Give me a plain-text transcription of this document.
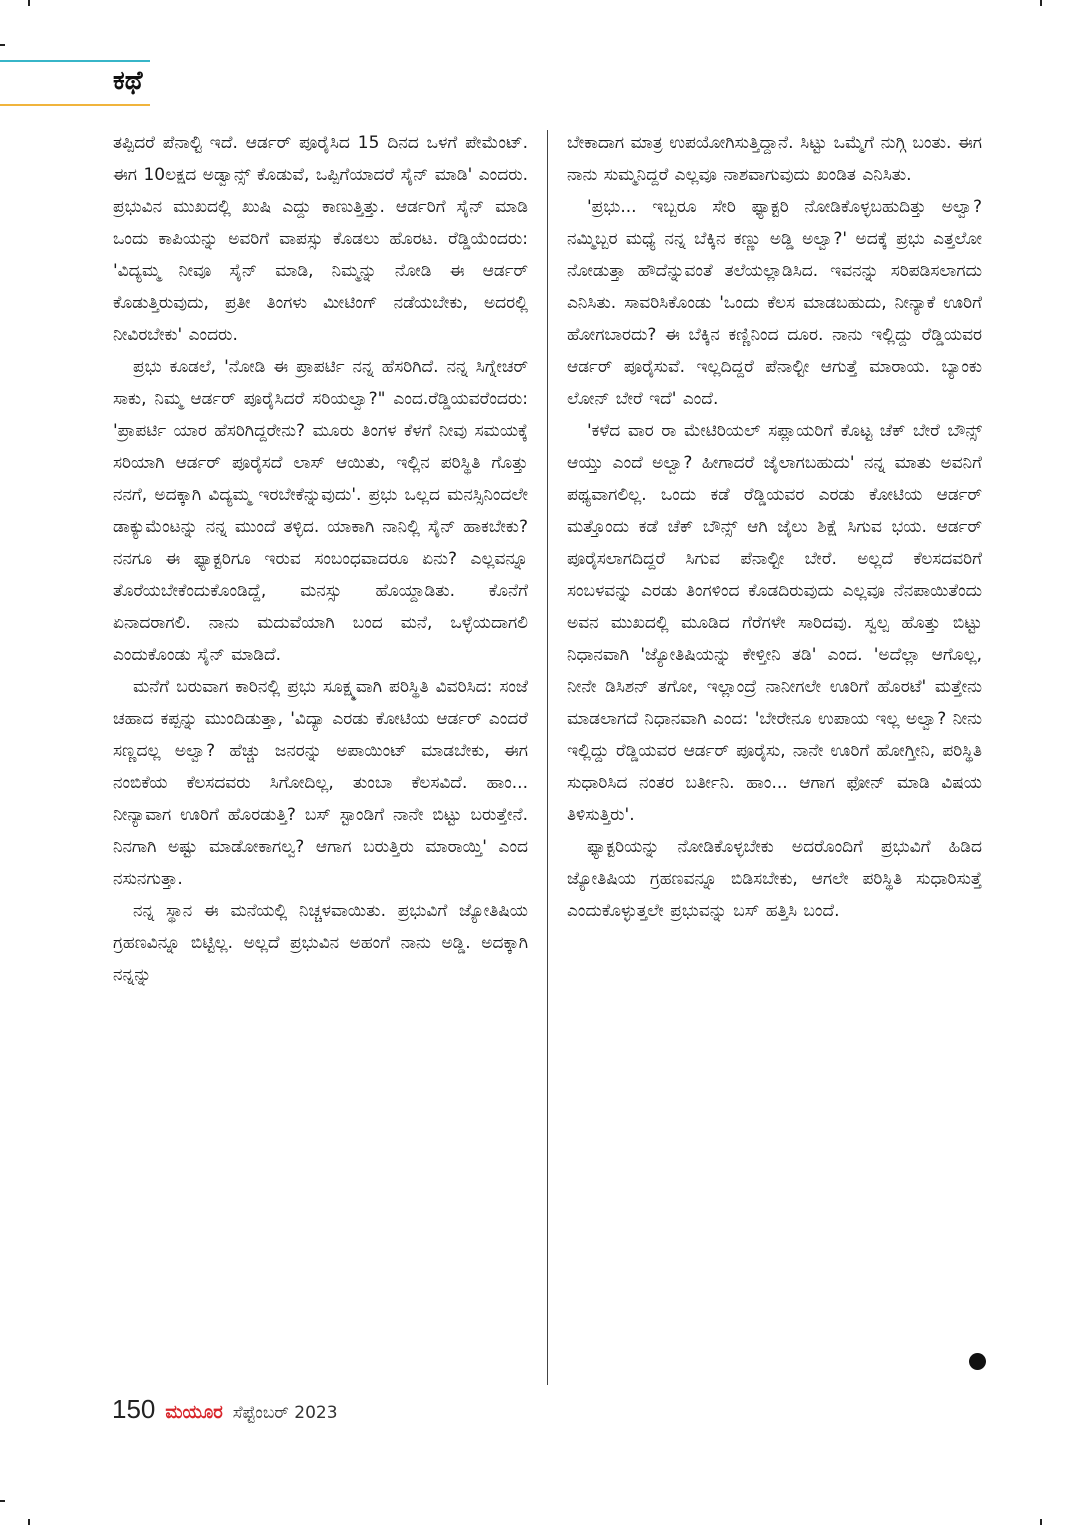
ಕಥೆ

ತಪ್ಪಿದರೆ ಪೆನಾಲ್ಟಿ ಇದೆ. ಆರ್ಡರ್ ಪೂರೈಸಿದ 15 ದಿನದ ಒಳಗೆ ಪೇಮೆಂಟ್. ಈಗ 10ಲಕ್ಷದ ಅಡ್ವಾನ್ಸ್ ಕೊಡುವೆ, ಒಪ್ಪಿಗೆಯಾದರೆ ಸೈನ್ ಮಾಡಿ' ಎಂದರು. ಪ್ರಭುವಿನ ಮುಖದಲ್ಲಿ ಖುಷಿ ಎದ್ದು ಕಾಣುತ್ತಿತ್ತು. ಆರ್ಡರಿಗೆ ಸೈನ್ ಮಾಡಿ ಒಂದು ಕಾಪಿಯನ್ನು ಅವರಿಗೆ ವಾಪಸ್ಸು ಕೊಡಲು ಹೊರಟ. ರೆಡ್ಡಿಯೆಂದರು: 'ವಿದ್ಯಮ್ಮ ನೀವೂ ಸೈನ್ ಮಾಡಿ, ನಿಮ್ಮನ್ನು ನೋಡಿ ಈ ಆರ್ಡರ್ ಕೊಡುತ್ತಿರುವುದು, ಪ್ರತೀ ತಿಂಗಳು ಮೀಟಿಂಗ್ ನಡೆಯಬೇಕು, ಅದರಲ್ಲಿ ನೀವಿರಬೇಕು' ಎಂದರು.

ಪ್ರಭು ಕೂಡಲೆ, 'ನೋಡಿ ಈ ಪ್ರಾಪರ್ಟಿ ನನ್ನ ಹೆಸರಿಗಿದೆ. ನನ್ನ ಸಿಗ್ನೇಚರ್ ಸಾಕು, ನಿಮ್ಮ ಆರ್ಡರ್ ಪೂರೈಸಿದರೆ ಸರಿಯಲ್ವಾ?" ಎಂದ.ರೆಡ್ಡಿಯವರೆಂದರು: 'ಪ್ರಾಪರ್ಟಿ ಯಾರ ಹೆಸರಿಗಿದ್ದರೇನು? ಮೂರು ತಿಂಗಳ ಕೆಳಗೆ ನೀವು ಸಮಯಕ್ಕೆ ಸರಿಯಾಗಿ ಆರ್ಡರ್ ಪೂರೈಸದೆ ಲಾಸ್ ಆಯಿತು, ಇಲ್ಲಿನ ಪರಿಸ್ಥಿತಿ ಗೊತ್ತು ನನಗೆ, ಅದಕ್ಕಾಗಿ ವಿದ್ಯಮ್ಮ ಇರಬೇಕೆನ್ನುವುದು'. ಪ್ರಭು ಒಲ್ಲದ ಮನಸ್ಸಿನಿಂದಲೇ ಡಾಕ್ಯುಮೆಂಟನ್ನು ನನ್ನ ಮುಂದೆ ತಳ್ಳಿದ. ಯಾಕಾಗಿ ನಾನಿಲ್ಲಿ ಸೈನ್ ಹಾಕಬೇಕು? ನನಗೂ ಈ ಫ್ಯಾಕ್ಟರಿಗೂ ಇರುವ ಸಂಬಂಧವಾದರೂ ಏನು? ಎಲ್ಲವನ್ನೂ ತೊರೆಯಬೇಕೆಂದುಕೊಂಡಿದ್ದೆ, ಮನಸ್ಸು ಹೊಯ್ದಾಡಿತು. ಕೊನೆಗೆ ಏನಾದರಾಗಲಿ. ನಾನು ಮದುವೆಯಾಗಿ ಬಂದ ಮನೆ, ಒಳ್ಳೆಯದಾಗಲಿ ಎಂದುಕೊಂಡು ಸೈನ್ ಮಾಡಿದೆ.

ಮನೆಗೆ ಬರುವಾಗ ಕಾರಿನಲ್ಲಿ ಪ್ರಭು ಸೂಕ್ಷ್ಮವಾಗಿ ಪರಿಸ್ಥಿತಿ ವಿವರಿಸಿದ: ಸಂಜೆ ಚಹಾದ ಕಪ್ಪನ್ನು ಮುಂದಿಡುತ್ತಾ, 'ವಿದ್ಯಾ ಎರಡು ಕೋಟಿಯ ಆರ್ಡರ್ ಎಂದರೆ ಸಣ್ಣದಲ್ಲ ಅಲ್ವಾ? ಹೆಚ್ಚು ಜನರನ್ನು ಅಪಾಯಿಂಟ್ ಮಾಡಬೇಕು, ಈಗ ನಂಬಿಕೆಯ ಕೆಲಸದವರು ಸಿಗೋದಿಲ್ಲ, ತುಂಬಾ ಕೆಲಸವಿದೆ. ಹಾಂ... ನೀನ್ಯಾವಾಗ ಊರಿಗೆ ಹೊರಡುತ್ತಿ? ಬಸ್ ಸ್ಟಾಂಡಿಗೆ ನಾನೇ ಬಿಟ್ಟು ಬರುತ್ತೇನೆ. ನಿನಗಾಗಿ ಅಷ್ಟು ಮಾಡೋಕಾಗಲ್ವ? ಆಗಾಗ ಬರುತ್ತಿರು ಮಾರಾಯ್ತಿ' ಎಂದ ನಸುನಗುತ್ತಾ.

ನನ್ನ ಸ್ಥಾನ ಈ ಮನೆಯಲ್ಲಿ ನಿಚ್ಚಳವಾಯಿತು. ಪ್ರಭುವಿಗೆ ಜ್ಯೋತಿಷಿಯ ಗ್ರಹಣವಿನ್ನೂ ಬಿಟ್ಟಿಲ್ಲ. ಅಲ್ಲದೆ ಪ್ರಭುವಿನ ಅಹಂಗೆ ನಾನು ಅಡ್ಡಿ. ಅದಕ್ಕಾಗಿ ನನ್ನನ್ನು

ಬೇಕಾದಾಗ ಮಾತ್ರ ಉಪಯೋಗಿಸುತ್ತಿದ್ದಾನೆ. ಸಿಟ್ಟು ಒಮ್ಮೆಗೆ ನುಗ್ಗಿ ಬಂತು. ಈಗ ನಾನು ಸುಮ್ಮನಿದ್ದರೆ ಎಲ್ಲವೂ ನಾಶವಾಗುವುದು ಖಂಡಿತ ಎನಿಸಿತು.

'ಪ್ರಭು... ಇಬ್ಬರೂ ಸೇರಿ ಫ್ಯಾಕ್ಟರಿ ನೋಡಿಕೊಳ್ಳಬಹುದಿತ್ತು ಅಲ್ವಾ? ನಮ್ಮಿಬ್ಬರ ಮಧ್ಯೆ ನನ್ನ ಬೆಕ್ಕಿನ ಕಣ್ಣು ಅಡ್ಡಿ ಅಲ್ವಾ?' ಅದಕ್ಕೆ ಪ್ರಭು ಎತ್ತಲೋ ನೋಡುತ್ತಾ ಹೌದೆನ್ನುವಂತೆ ತಲೆಯಲ್ಲಾಡಿಸಿದ. ಇವನನ್ನು ಸರಿಪಡಿಸಲಾಗದು ಎನಿಸಿತು. ಸಾವರಿಸಿಕೊಂಡು 'ಒಂದು ಕೆಲಸ ಮಾಡಬಹುದು, ನೀನ್ಯಾಕೆ ಊರಿಗೆ ಹೋಗಬಾರದು? ಈ ಬೆಕ್ಕಿನ ಕಣ್ಣಿನಿಂದ ದೂರ. ನಾನು ಇಲ್ಲಿದ್ದು ರೆಡ್ಡಿಯವರ ಆರ್ಡರ್ ಪೂರೈಸುವೆ. ಇಲ್ಲದಿದ್ದರೆ ಪೆನಾಲ್ಟೀ ಆಗುತ್ತೆ ಮಾರಾಯ. ಬ್ಯಾಂಕು ಲೋನ್ ಬೇರೆ ಇದೆ' ಎಂದೆ.

'ಕಳೆದ ವಾರ ರಾ ಮೇಟಿರಿಯಲ್ ಸಪ್ಲಾಯರಿಗೆ ಕೊಟ್ಟ ಚೆಕ್ ಬೇರೆ ಬೌನ್ಸ್ ಆಯ್ತು ಎಂದೆ ಅಲ್ವಾ? ಹೀಗಾದರೆ ಜೈಲಾಗಬಹುದು' ನನ್ನ ಮಾತು ಅವನಿಗೆ ಪಥ್ಯವಾಗಲಿಲ್ಲ. ಒಂದು ಕಡೆ ರೆಡ್ಡಿಯವರ ಎರಡು ಕೋಟಿಯ ಆರ್ಡರ್ ಮತ್ತೊಂದು ಕಡೆ ಚೆಕ್ ಬೌನ್ಸ್ ಆಗಿ ಜೈಲು ಶಿಕ್ಷೆ ಸಿಗುವ ಭಯ. ಆರ್ಡರ್ ಪೂರೈಸಲಾಗದಿದ್ದರೆ ಸಿಗುವ ಪೆನಾಲ್ಟೀ ಬೇರೆ. ಅಲ್ಲದೆ ಕೆಲಸದವರಿಗೆ ಸಂಬಳವನ್ನು ಎರಡು ತಿಂಗಳಿಂದ ಕೊಡದಿರುವುದು ಎಲ್ಲವೂ ನೆನಪಾಯಿತೆಂದು ಅವನ ಮುಖದಲ್ಲಿ ಮೂಡಿದ ಗೆರೆಗಳೇ ಸಾರಿದವು. ಸ್ವಲ್ಪ ಹೊತ್ತು ಬಿಟ್ಟು ನಿಧಾನವಾಗಿ 'ಜ್ಯೋತಿಷಿಯನ್ನು ಕೇಳ್ತೀನಿ ತಡಿ' ಎಂದ. 'ಅದೆಲ್ಲಾ ಆಗೊಲ್ಲ, ನೀನೇ ಡಿಸಿಶನ್ ತಗೋ, ಇಲ್ಲಾಂದ್ರೆ ನಾನೀಗಲೇ ಊರಿಗೆ ಹೊರಟೆ' ಮತ್ತೇನು ಮಾಡಲಾಗದೆ ನಿಧಾನವಾಗಿ ಎಂದ: 'ಬೇರೇನೂ ಉಪಾಯ ಇಲ್ಲ ಅಲ್ವಾ? ನೀನು ಇಲ್ಲಿದ್ದು ರೆಡ್ಡಿಯವರ ಆರ್ಡರ್ ಪೂರೈಸು, ನಾನೇ ಊರಿಗೆ ಹೋಗ್ತೀನಿ, ಪರಿಸ್ಥಿತಿ ಸುಧಾರಿಸಿದ ನಂತರ ಬರ್ತೀನಿ. ಹಾಂ... ಆಗಾಗ ಫೋನ್ ಮಾಡಿ ವಿಷಯ ತಿಳಿಸುತ್ತಿರು'.

ಫ್ಯಾಕ್ಟರಿಯನ್ನು ನೋಡಿಕೊಳ್ಳಬೇಕು ಅದರೊಂದಿಗೆ ಪ್ರಭುವಿಗೆ ಹಿಡಿದ ಜ್ಯೋತಿಷಿಯ ಗ್ರಹಣವನ್ನೂ ಬಿಡಿಸಬೇಕು, ಆಗಲೇ ಪರಿಸ್ಥಿತಿ ಸುಧಾರಿಸುತ್ತೆ ಎಂದುಕೊಳ್ಳುತ್ತಲೇ ಪ್ರಭುವನ್ನು ಬಸ್ ಹತ್ತಿಸಿ ಬಂದೆ.

150 ಮಯೂರ ಸೆಪ್ಟೆಂಬರ್ 2023
